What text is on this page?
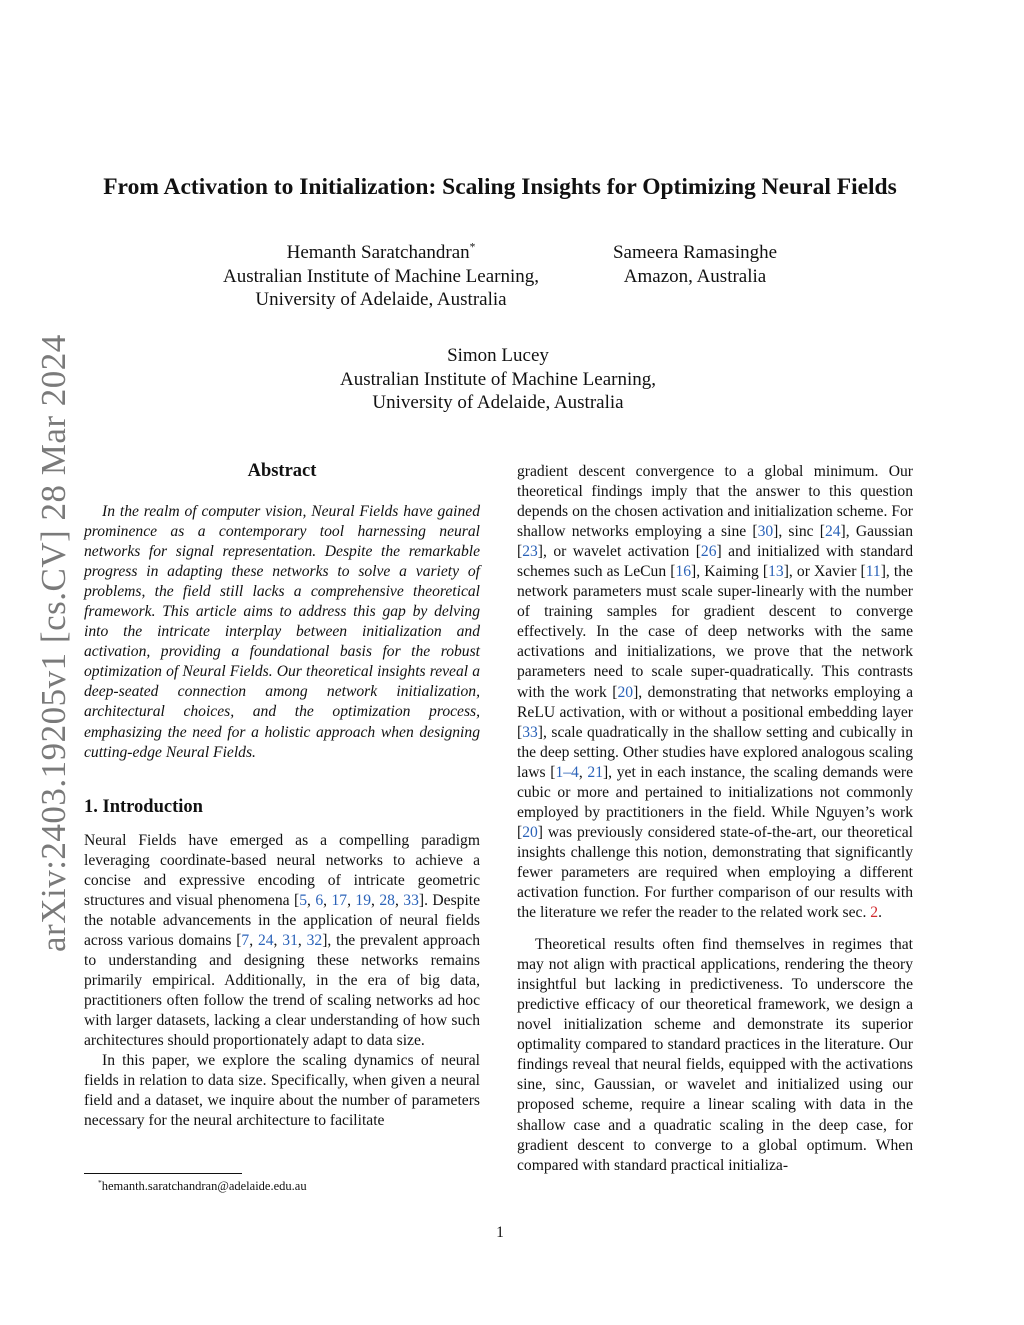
arXiv:2403.19205v1 [cs.CV] 28 Mar 2024
From Activation to Initialization: Scaling Insights for Optimizing Neural Fields
Hemanth Saratchandran*
Australian Institute of Machine Learning,
University of Adelaide, Australia
Sameera Ramasinghe
Amazon, Australia
Simon Lucey
Australian Institute of Machine Learning,
University of Adelaide, Australia
Abstract

In the realm of computer vision, Neural Fields have gained prominence as a contemporary tool harnessing neural networks for signal representation. Despite the remarkable progress in adapting these networks to solve a variety of problems, the field still lacks a comprehensive theoretical framework. This article aims to address this gap by delving into the intricate interplay between initialization and activation, providing a foundational basis for the robust optimization of Neural Fields. Our theoretical insights reveal a deep-seated connection among network initialization, architectural choices, and the optimization process, emphasizing the need for a holistic approach when designing cutting-edge Neural Fields.

1. Introduction

Neural Fields have emerged as a compelling paradigm leveraging coordinate-based neural networks to achieve a concise and expressive encoding of intricate geometric structures and visual phenomena [5, 6, 17, 19, 28, 33]. Despite the notable advancements in the application of neural fields across various domains [7, 24, 31, 32], the prevalent approach to understanding and designing these networks remains primarily empirical. Additionally, in the era of big data, practitioners often follow the trend of scaling networks ad hoc with larger datasets, lacking a clear understanding of how such architectures should proportionately adapt to data size.

In this paper, we explore the scaling dynamics of neural fields in relation to data size. Specifically, when given a neural field and a dataset, we inquire about the number of parameters necessary for the neural architecture to facilitate

gradient descent convergence to a global minimum. Our theoretical findings imply that the answer to this question depends on the chosen activation and initialization scheme. For shallow networks employing a sine [30], sinc [24], Gaussian [23], or wavelet activation [26] and initialized with standard schemes such as LeCun [16], Kaiming [13], or Xavier [11], the network parameters must scale super-linearly with the number of training samples for gradient descent to converge effectively. In the case of deep networks with the same activations and initializations, we prove that the network parameters need to scale super-quadratically. This contrasts with the work [20], demonstrating that networks employing a ReLU activation, with or without a positional embedding layer [33], scale quadratically in the shallow setting and cubically in the deep setting. Other studies have explored analogous scaling laws [1–4, 21], yet in each instance, the scaling demands were cubic or more and pertained to initializations not commonly employed by practitioners in the field. While Nguyen’s work [20] was previously considered state-of-the-art, our theoretical insights challenge this notion, demonstrating that significantly fewer parameters are required when employing a different activation function. For further comparison of our results with the literature we refer the reader to the related work sec. 2.

Theoretical results often find themselves in regimes that may not align with practical applications, rendering the theory insightful but lacking in predictiveness. To underscore the predictive efficacy of our theoretical framework, we design a novel initialization scheme and demonstrate its superior optimality compared to standard practices in the literature. Our findings reveal that neural fields, equipped with the activations sine, sinc, Gaussian, or wavelet and initialized using our proposed scheme, require a linear scaling with data in the shallow case and a quadratic scaling in the deep case, for gradient descent to converge to a global optimum. When compared with standard practical initializa-

*hemanth.saratchandran@adelaide.edu.au
1
